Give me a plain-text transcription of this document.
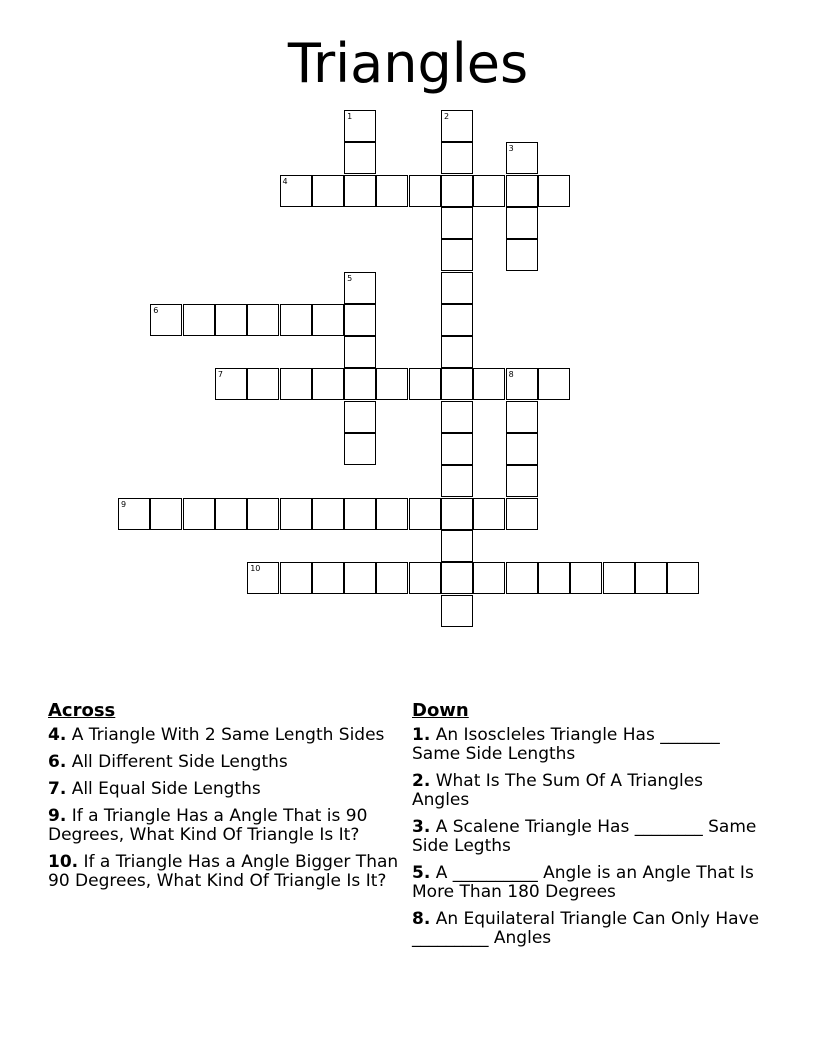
Triangles
1	2
3
4
5
6
7	8
9
10
Across
4. A Triangle With 2 Same Length Sides
6. All Different Side Lengths
7. All Equal Side Lengths
9. If a Triangle Has a Angle That is 90 Degrees, What Kind Of Triangle Is It?
10. If a Triangle Has a Angle Bigger Than 90 Degrees, What Kind Of Triangle Is It?
Down
1. An Isoscleles Triangle Has _______ Same Side Lengths
2. What Is The Sum Of A Triangles Angles
3. A Scalene Triangle Has ________ Same Side Legths
5. A __________ Angle is an Angle That Is More Than 180 Degrees
8. An Equilateral Triangle Can Only Have _________ Angles
